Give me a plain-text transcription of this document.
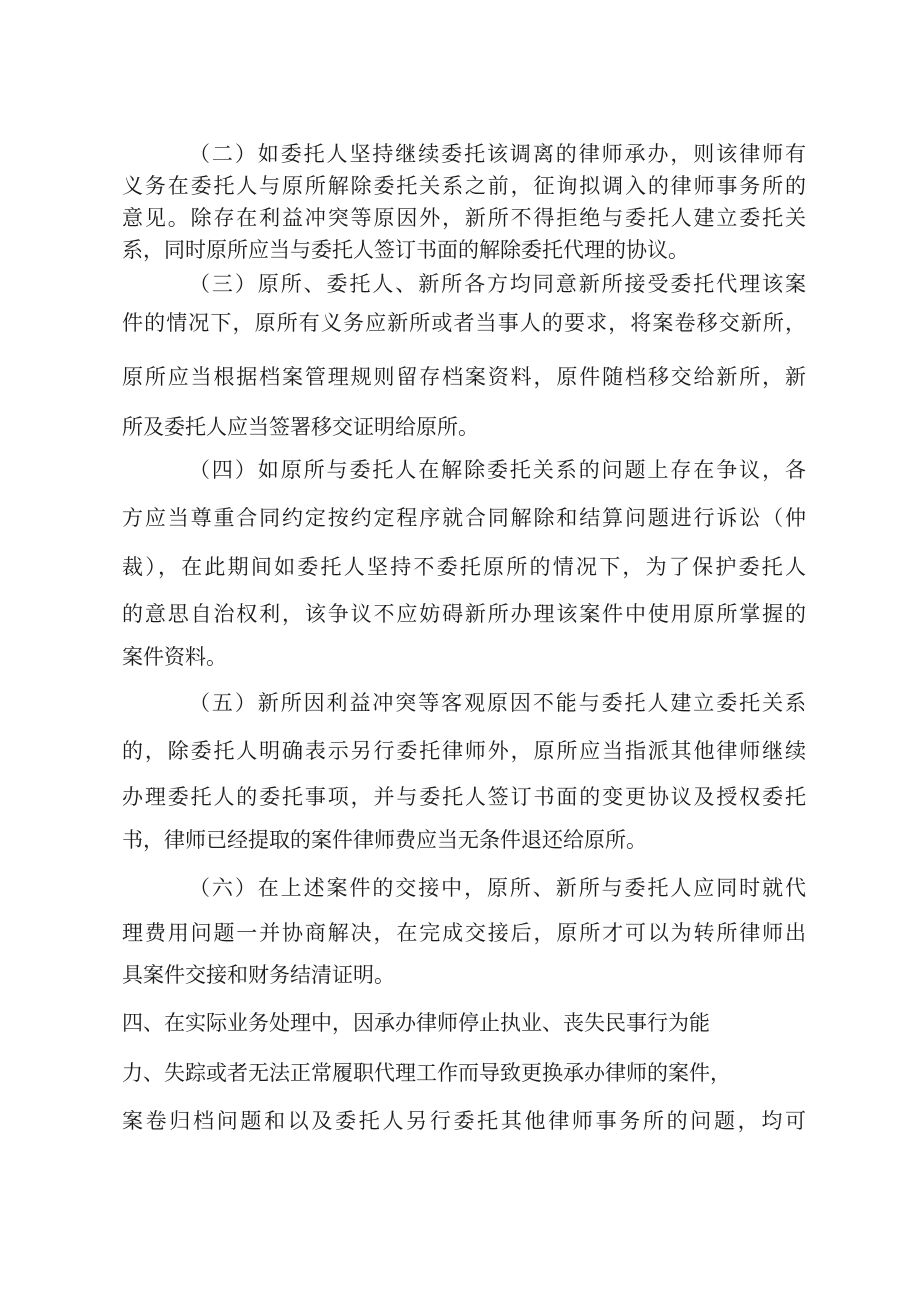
（二）如委托人坚持继续委托该调离的律师承办，则该律师有
义务在委托人与原所解除委托关系之前，征询拟调入的律师事务所的
意见。除存在利益冲突等原因外，新所不得拒绝与委托人建立委托关
系，同时原所应当与委托人签订书面的解除委托代理的协议。
（三）原所、委托人、新所各方均同意新所接受委托代理该案
件的情况下，原所有义务应新所或者当事人的要求，将案卷移交新所，
原所应当根据档案管理规则留存档案资料，原件随档移交给新所，新
所及委托人应当签署移交证明给原所。
（四）如原所与委托人在解除委托关系的问题上存在争议，各
方应当尊重合同约定按约定程序就合同解除和结算问题进行诉讼（仲
裁），在此期间如委托人坚持不委托原所的情况下，为了保护委托人
的意思自治权利，该争议不应妨碍新所办理该案件中使用原所掌握的
案件资料。
（五）新所因利益冲突等客观原因不能与委托人建立委托关系
的，除委托人明确表示另行委托律师外，原所应当指派其他律师继续
办理委托人的委托事项，并与委托人签订书面的变更协议及授权委托
书，律师已经提取的案件律师费应当无条件退还给原所。
（六）在上述案件的交接中，原所、新所与委托人应同时就代
理费用问题一并协商解决，在完成交接后，原所才可以为转所律师出
具案件交接和财务结清证明。
四、在实际业务处理中，因承办律师停止执业、丧失民事行为能
力、失踪或者无法正常履职代理工作而导致更换承办律师的案件，
案卷归档问题和以及委托人另行委托其他律师事务所的问题，均可
